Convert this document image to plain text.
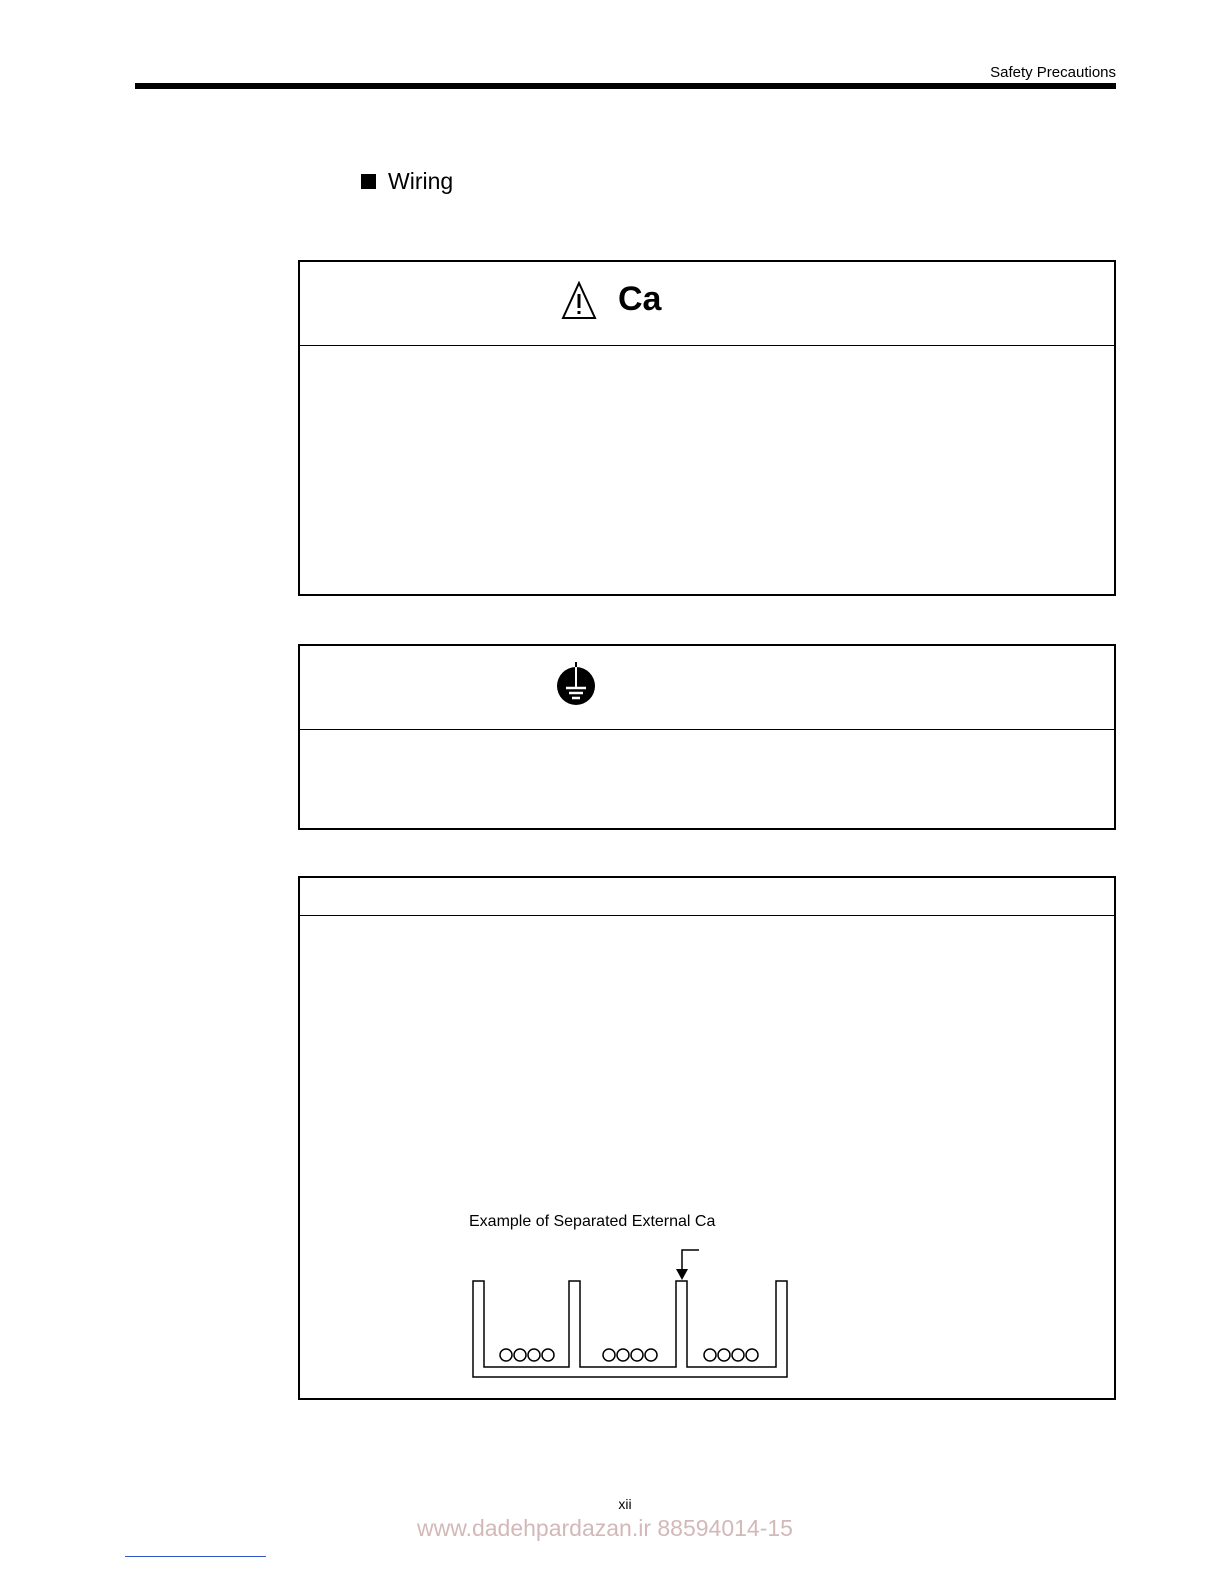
Safety Precautions
Wiring
Ca
Example of Separated External Ca
xii
www.dadehpardazan.ir 88594014-15
